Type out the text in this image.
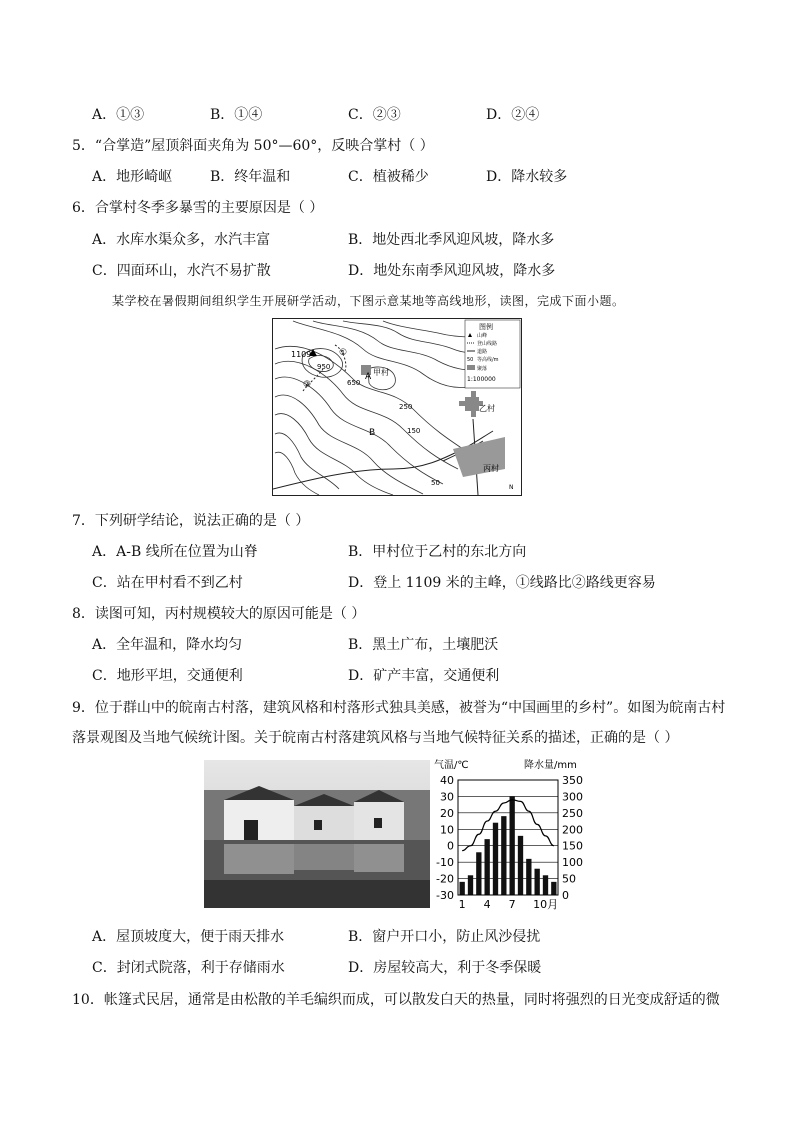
A．①③	B．①④	C．②③	D．②④
5．“合掌造”屋顶斜面夹角为 50°—60°，反映合掌村（ ）
A．地形崎岖	B．终年温和	C．植被稀少	D．降水较多
6．合掌村冬季多暴雪的主要原因是（ ）
A．水库水渠众多，水汽丰富	B．地处西北季风迎风坡，降水多
C．四面环山，水汽不易扩散	D．地处东南季风迎风坡，降水多
某学校在暑假期间组织学生开展研学活动，下图示意某地等高线地形，读图，完成下面小题。
1109
950
650
250
150
50
A
B
①
②
甲村
乙村
丙村
N
图例
山峰
登山线路
道路
50 等高线/m
聚落
1:100000
7．下列研学结论，说法正确的是（ ）
A．A-B 线所在位置为山脊	B．甲村位于乙村的东北方向
C．站在甲村看不到乙村	D．登上 1109 米的主峰，①线路比②路线更容易
8．读图可知，丙村规模较大的原因可能是（ ）
A．全年温和，降水均匀	B．黑土广布，土壤肥沃
C．地形平坦，交通便利	D．矿产丰富，交通便利
9．位于群山中的皖南古村落，建筑风格和村落形式独具美感，被誉为“中国画里的乡村”。如图为皖南古村
落景观图及当地气候统计图。关于皖南古村落建筑风格与当地气候特征关系的描述，正确的是（ ）
气温/℃	降水量/mm
40
30
20
10
0
-10
-20
-30
350
300
250
200
150
100
50
0
1 4 7 10月
A．屋顶坡度大，便于雨天排水	B．窗户开口小，防止风沙侵扰
C．封闭式院落，利于存储雨水	D．房屋较高大，利于冬季保暖
10．帐篷式民居，通常是由松散的羊毛编织而成，可以散发白天的热量，同时将强烈的日光变成舒适的微
